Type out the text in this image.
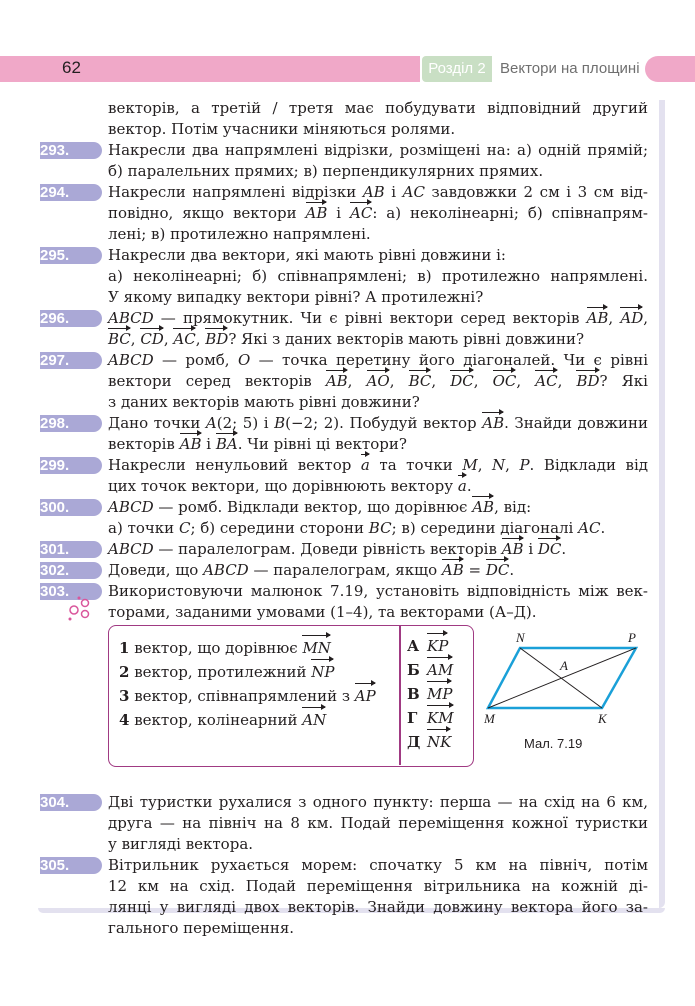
62	Розділ 2 Вектори на площині
векторів, а третій / третя має побудувати відповідний другий
вектор. Потім учасники міняються ролями.
293.	Накресли два напрямлені відрізки, розміщені на: а) одній прямій;
б) паралельних прямих; в) перпендикулярних прямих.
294.	Накресли напрямлені відрізки AB і AC завдовжки 2 см і 3 см від-
повідно, якщо вектори AB і AC: а) неколінеарні; б) співнапрям-
лені; в) протилежно напрямлені.
295.	Накресли два вектори, які мають рівні довжини і:
а) неколінеарні; б) співнапрямлені; в) протилежно напрямлені.
У якому випадку вектори рівні? А протилежні?
296.	ABCD — прямокутник. Чи є рівні вектори серед векторів AB, AD,
BC, CD, AC, BD? Які з даних векторів мають рівні довжини?
297.	ABCD — ромб, O — точка перетину його діагоналей. Чи є рівні
вектори серед векторів AB, AO, BC, DC, OC, AC, BD? Які
з даних векторів мають рівні довжини?
298.	Дано точки A(2; 5) і B(−2; 2). Побудуй вектор AB. Знайди довжини
векторів AB і BA. Чи рівні ці вектори?
299.	Накресли ненульовий вектор a та точки M, N, P. Відклади від
цих точок вектори, що дорівнюють вектору a.
300.	ABCD — ромб. Відклади вектор, що дорівнює AB, від:
а) точки C; б) середини сторони BC; в) середини діагоналі AC.
301.	ABCD — паралелограм. Доведи рівність векторів AB і DC.
302.	Доведи, що ABCD — паралелограм, якщо AB = DC.
303.	Використовуючи малюнок 7.19, установіть відповідність між век-
торами, заданими умовами (1–4), та векторами (А–Д).
304.	Дві туристки рухалися з одного пункту: перша — на схід на 6 км,
друга — на північ на 8 км. Подай переміщення кожної туристки
у вигляді вектора.
305.	Вітрильник рухається морем: спочатку 5 км на північ, потім
12 км на схід. Подай переміщення вітрильника на кожній ді-
лянці у вигляді двох векторів. Знайди довжину вектора його за-
гального переміщення.
1 вектор, що дорівнює MN
2 вектор, протилежний NP
3 вектор, співнапрямлений з AP
4 вектор, колінеарний AN
А KP
Б AM
В MP
Г KM
Д NK
N	P
A
M	K
Мал. 7.19
